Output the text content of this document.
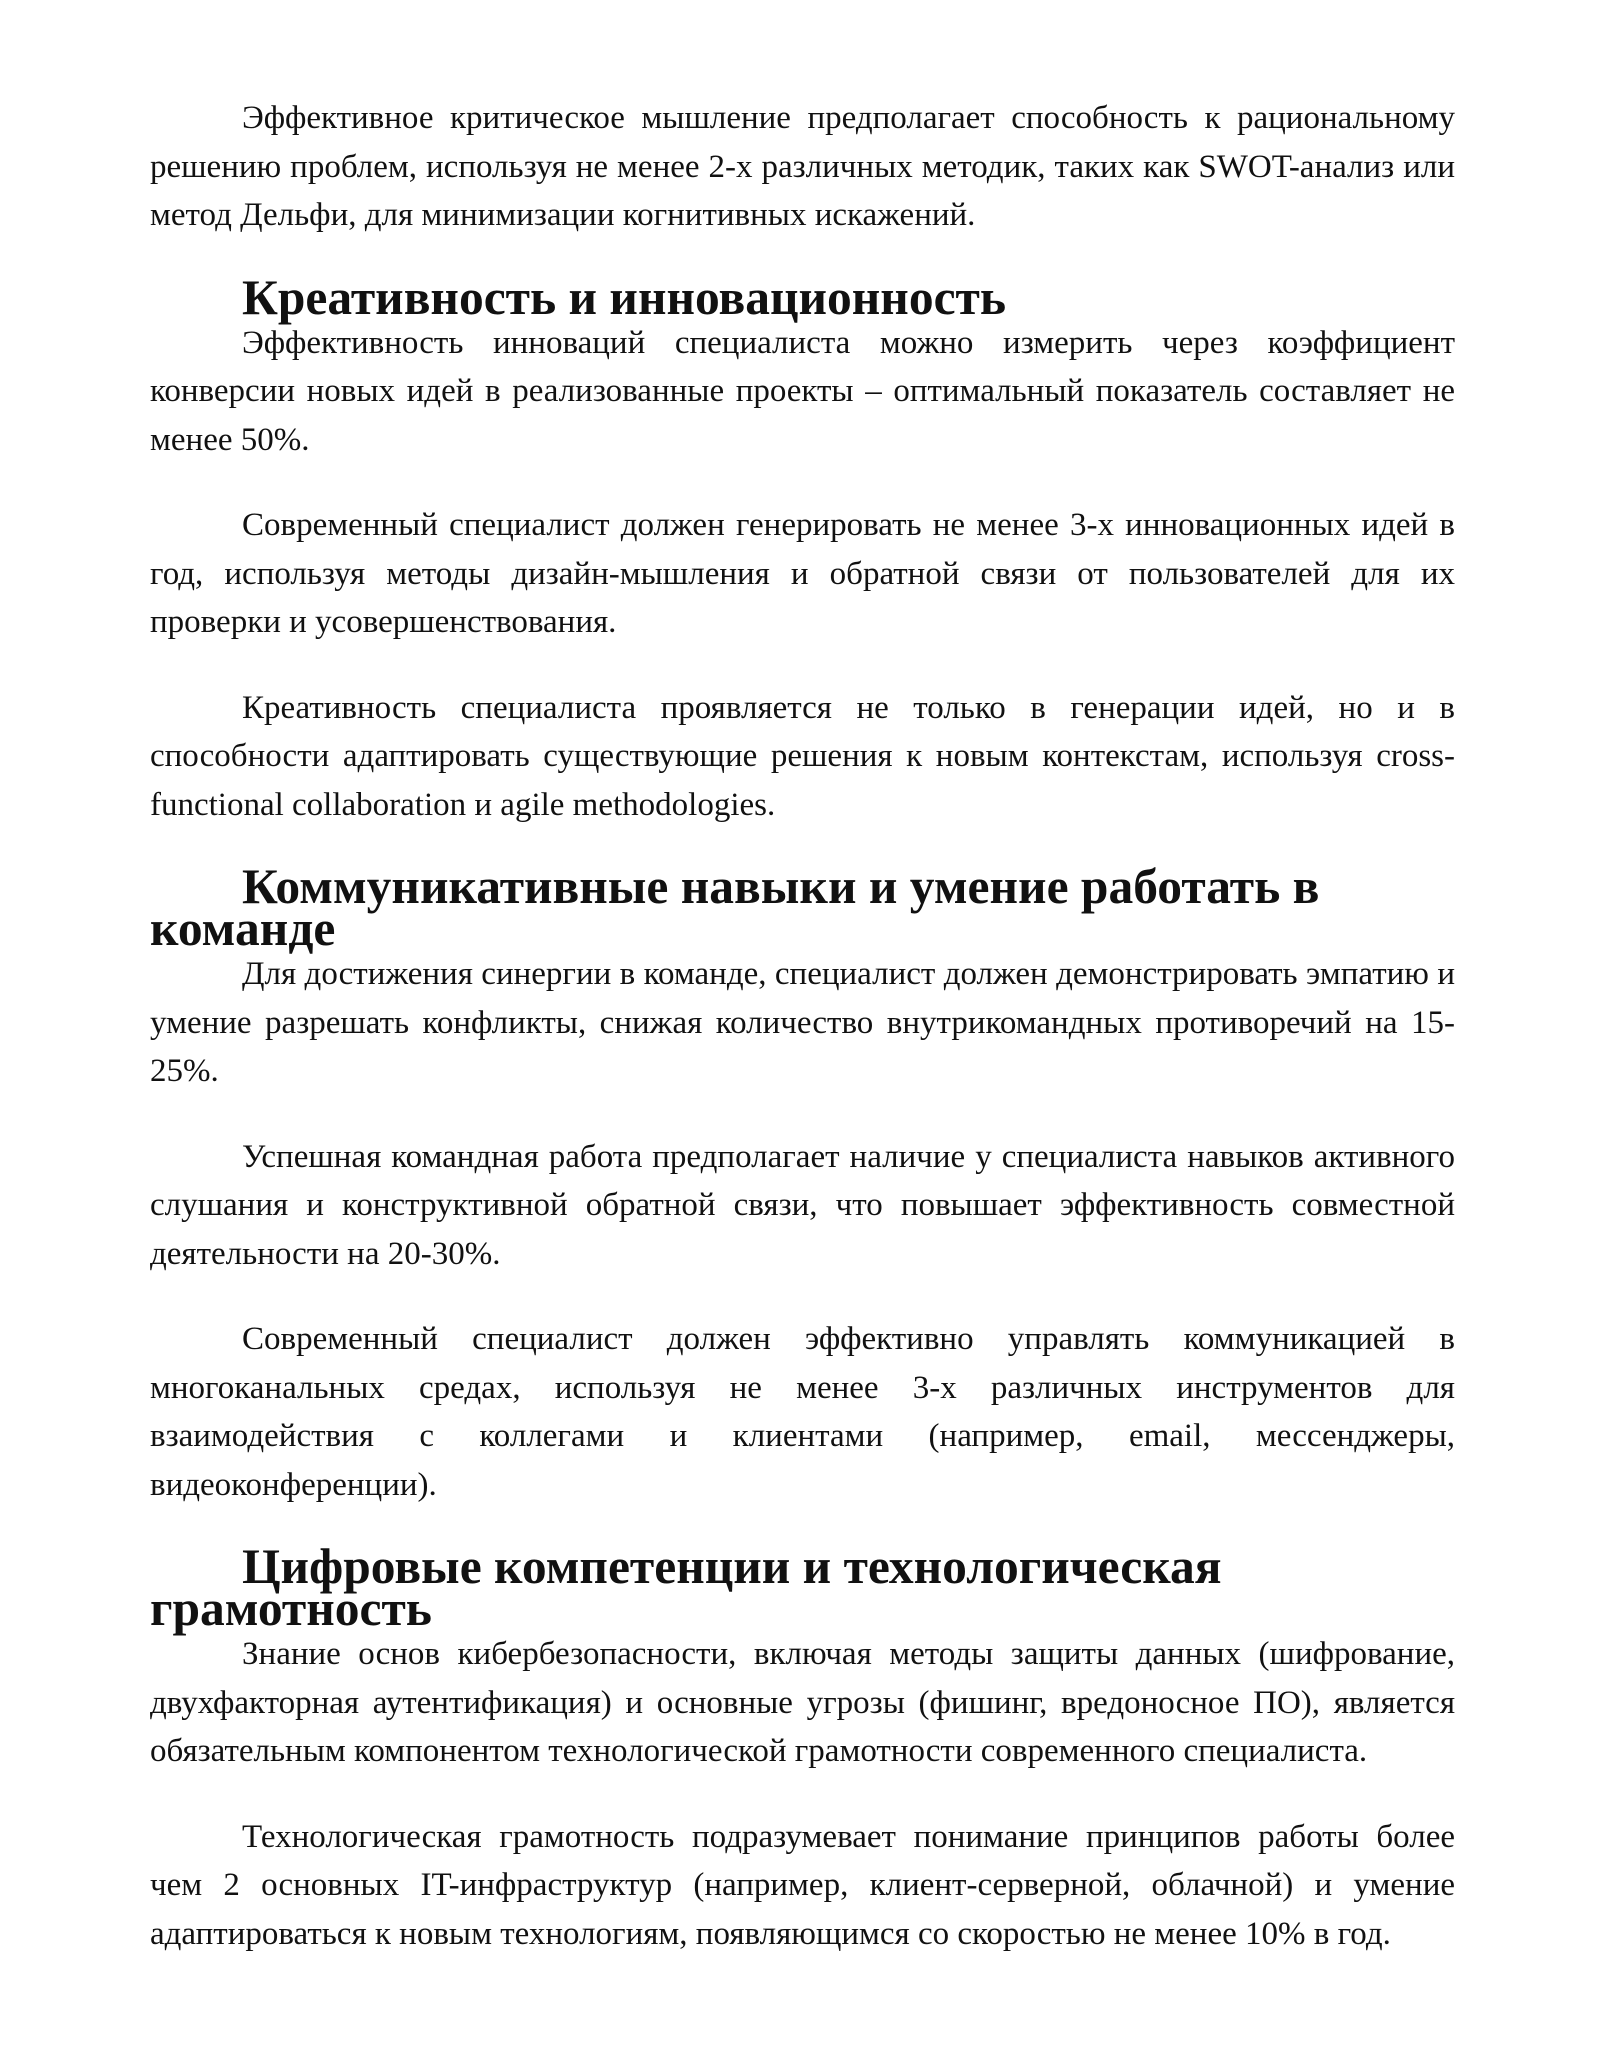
Эффективное критическое мышление предполагает способность к рациональному решению проблем, используя не менее 2-х различных методик, таких как SWOT-анализ или метод Дельфи, для минимизации когнитивных искажений.

Креативность и инновационность

Эффективность инноваций специалиста можно измерить через коэффициент конверсии новых идей в реализованные проекты – оптимальный показатель составляет не менее 50%.

Современный специалист должен генерировать не менее 3-х инновационных идей в год, используя методы дизайн-мышления и обратной связи от пользователей для их проверки и усовершенствования.

Креативность специалиста проявляется не только в генерации идей, но и в способности адаптировать существующие решения к новым контекстам, используя cross-functional collaboration и agile methodologies.

Коммуникативные навыки и умение работать в команде

Для достижения синергии в команде, специалист должен демонстрировать эмпатию и умение разрешать конфликты, снижая количество внутрикомандных противоречий на 15-25%.

Успешная командная работа предполагает наличие у специалиста навыков активного слушания и конструктивной обратной связи, что повышает эффективность совместной деятельности на 20-30%.

Современный специалист должен эффективно управлять коммуникацией в многоканальных средах, используя не менее 3-х различных инструментов для взаимодействия с коллегами и клиентами (например, email, мессенджеры, видеоконференции).

Цифровые компетенции и технологическая грамотность

Знание основ кибербезопасности, включая методы защиты данных (шифрование, двухфакторная аутентификация) и основные угрозы (фишинг, вредоносное ПО), является обязательным компонентом технологической грамотности современного специалиста.

Технологическая грамотность подразумевает понимание принципов работы более чем 2 основных IT-инфраструктур (например, клиент-серверной, облачной) и умение адаптироваться к новым технологиям, появляющимся со скоростью не менее 10% в год.
